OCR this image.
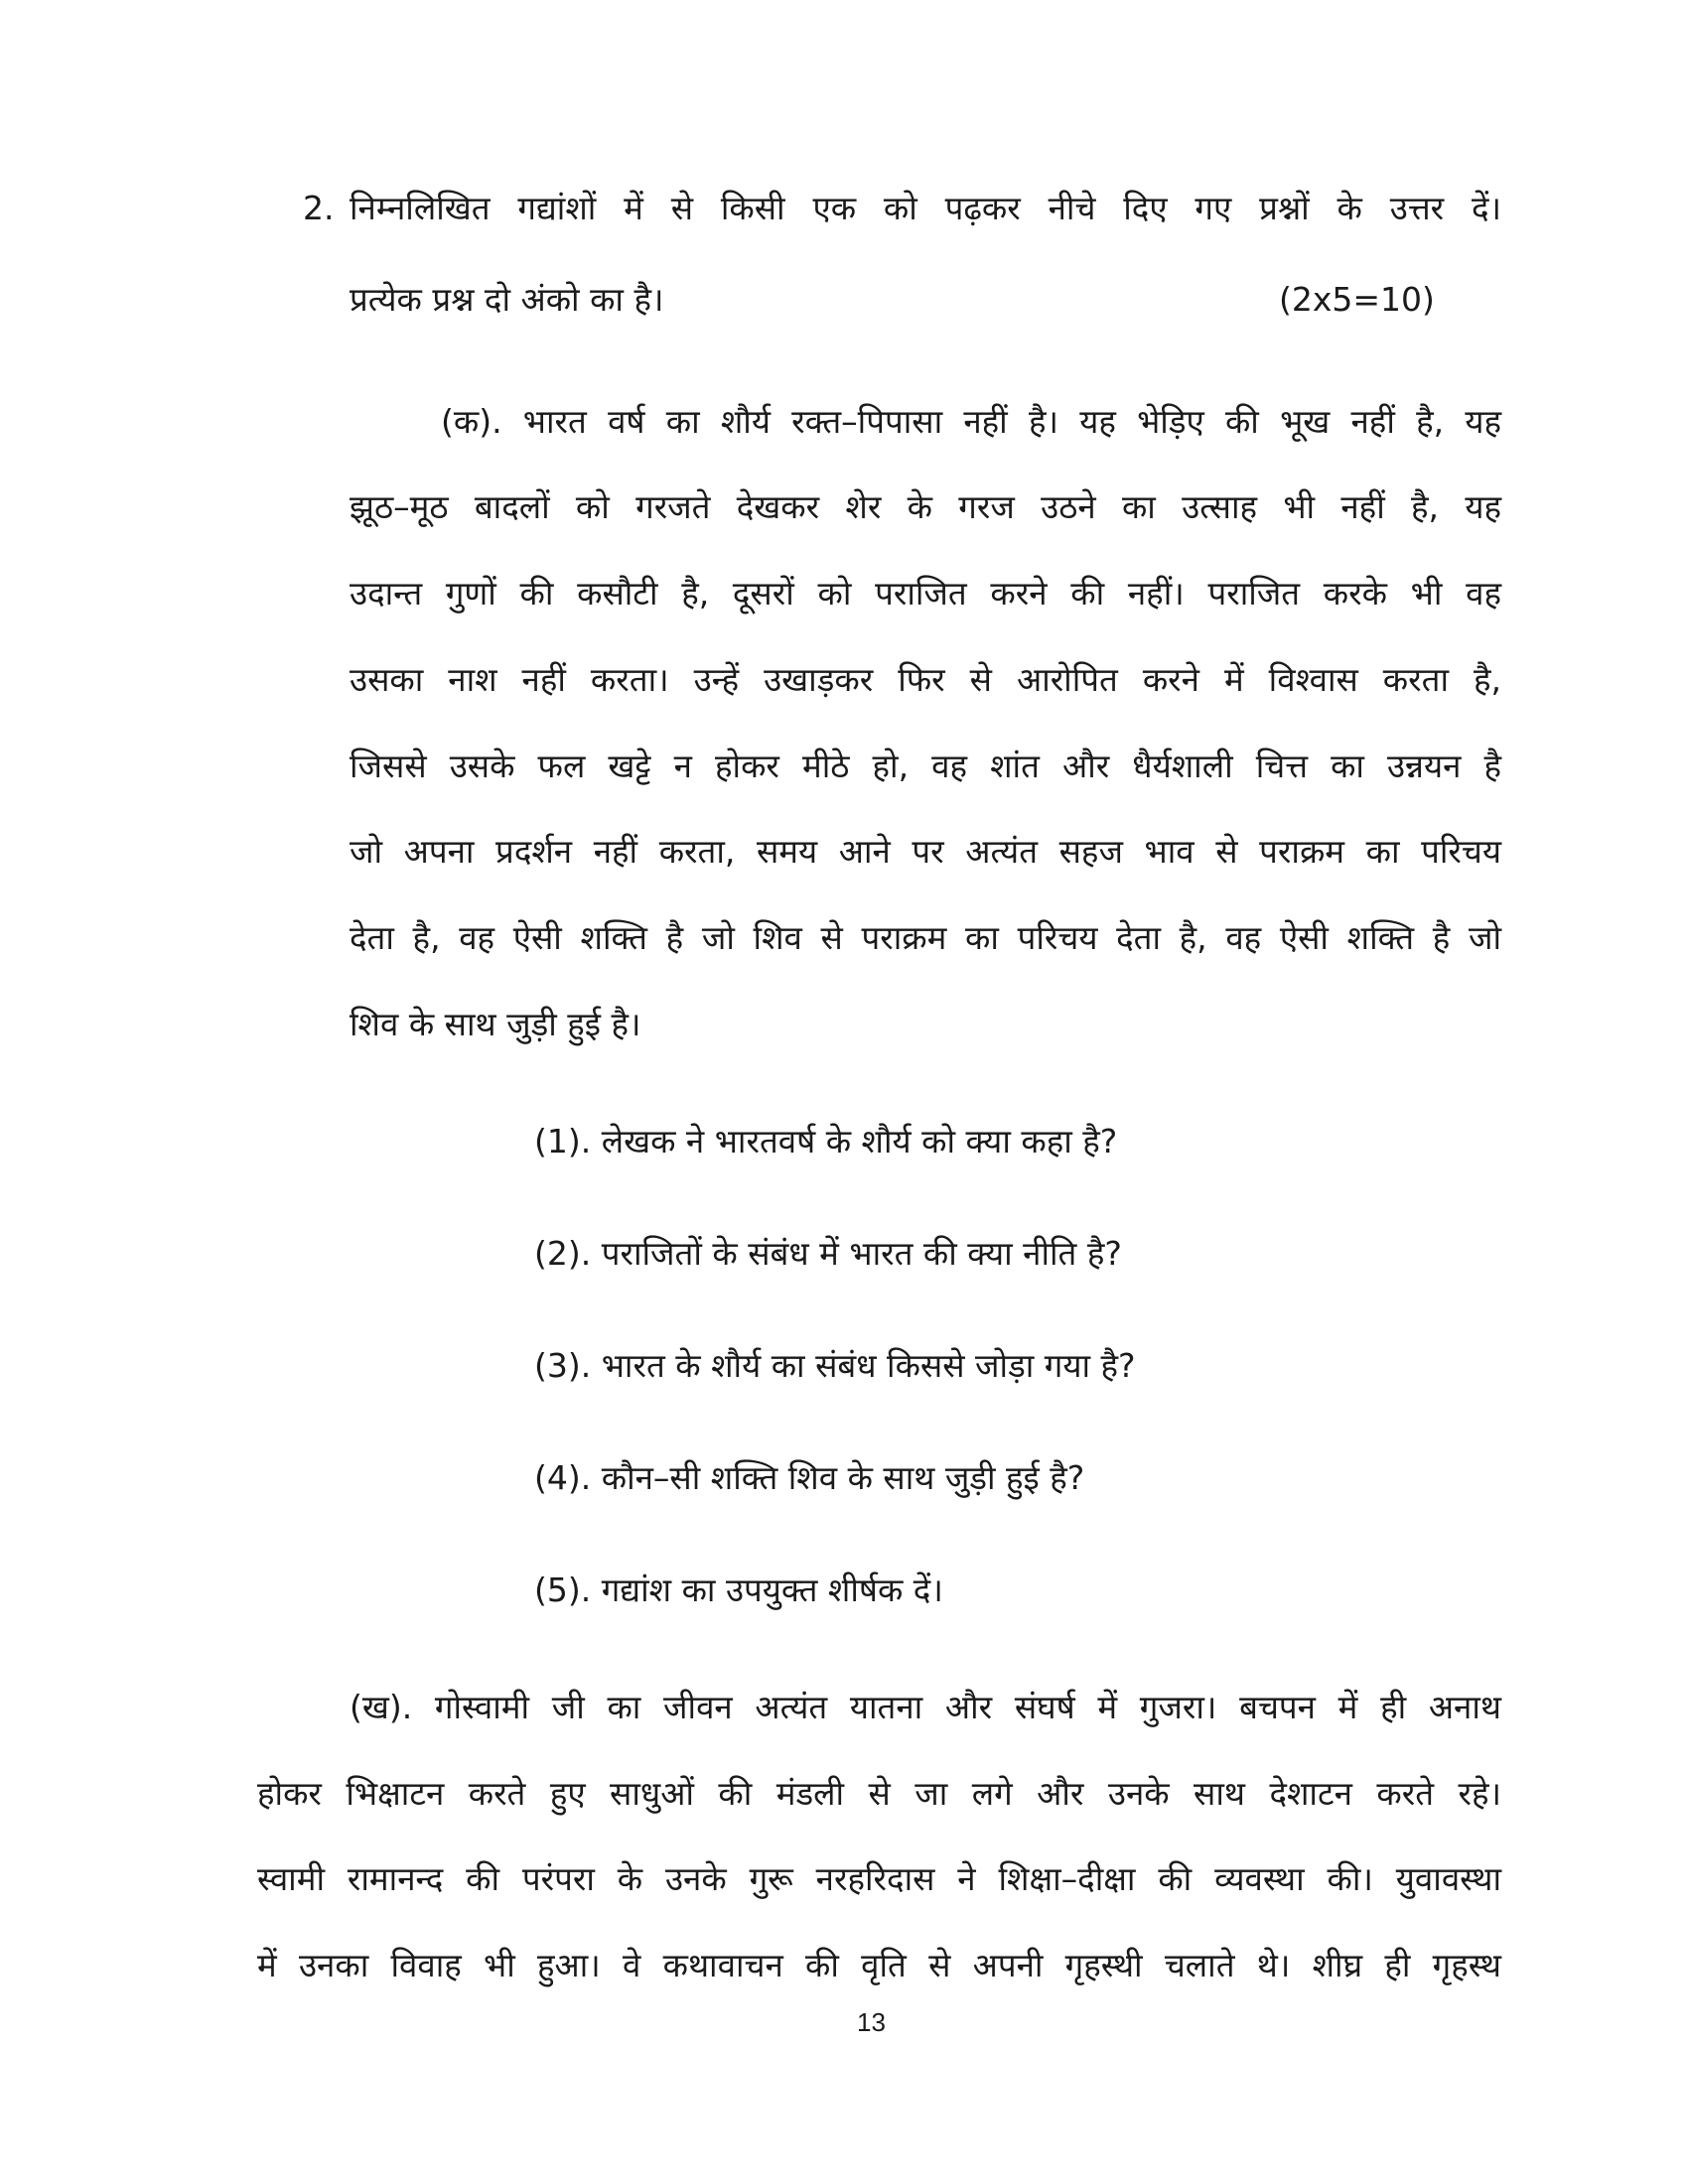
2. निम्नलिखित गद्यांशों में से किसी एक को पढ़कर नीचे दिए गए प्रश्नों के उत्तर दें।
प्रत्येक प्रश्न दो अंको का है।	(2x5=10)
(क). भारत वर्ष का शौर्य रक्त–पिपासा नहीं है। यह भेड़िए की भूख नहीं है, यह
झूठ–मूठ बादलों को गरजते देखकर शेर के गरज उठने का उत्साह भी नहीं है, यह
उदान्त गुणों की कसौटी है, दूसरों को पराजित करने की नहीं। पराजित करके भी वह
उसका नाश नहीं करता। उन्हें उखाड़कर फिर से आरोपित करने में विश्वास करता है,
जिससे उसके फल खट्टे न होकर मीठे हो, वह शांत और धैर्यशाली चित्त का उन्नयन है
जो अपना प्रदर्शन नहीं करता, समय आने पर अत्यंत सहज भाव से पराक्रम का परिचय
देता है, वह ऐसी शक्ति है जो शिव से पराक्रम का परिचय देता है, वह ऐसी शक्ति है जो
शिव के साथ जुड़ी हुई है।
(1). लेखक ने भारतवर्ष के शौर्य को क्या कहा है?
(2). पराजितों के संबंध में भारत की क्या नीति है?
(3). भारत के शौर्य का संबंध किससे जोड़ा गया है?
(4). कौन–सी शक्ति शिव के साथ जुड़ी हुई है?
(5). गद्यांश का उपयुक्त शीर्षक दें।
(ख). गोस्वामी जी का जीवन अत्यंत यातना और संघर्ष में गुजरा। बचपन में ही अनाथ
होकर भिक्षाटन करते हुए साधुओं की मंडली से जा लगे और उनके साथ देशाटन करते रहे।
स्वामी रामानन्द की परंपरा के उनके गुरू नरहरिदास ने शिक्षा–दीक्षा की व्यवस्था की। युवावस्था
में उनका विवाह भी हुआ। वे कथावाचन की वृति से अपनी गृहस्थी चलाते थे। शीघ्र ही गृहस्थ
13
